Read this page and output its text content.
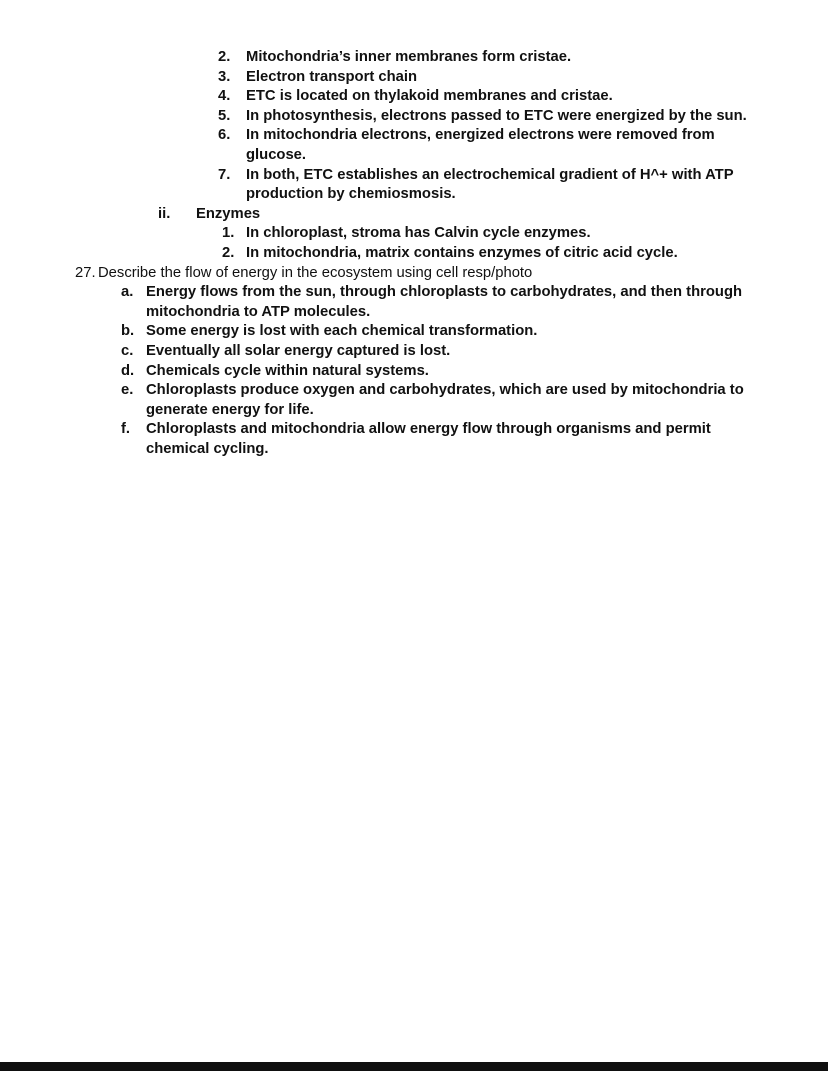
2.	Mitochondria’s inner membranes form cristae.
3.	Electron transport chain
4.	ETC is located on thylakoid membranes and cristae.
5.	In photosynthesis, electrons passed to ETC were energized by the sun.
6.	In mitochondria electrons, energized electrons were removed from glucose.
7.	In both, ETC establishes an electrochemical gradient of H^+ with ATP production by chemiosmosis.
ii.	Enzymes
1. In chloroplast, stroma has Calvin cycle enzymes.
2. In mitochondria, matrix contains enzymes of citric acid cycle.
27. Describe the flow of energy in the ecosystem using cell resp/photo
a. Energy flows from the sun, through chloroplasts to carbohydrates, and then through mitochondria to ATP molecules.
b. Some energy is lost with each chemical transformation.
c. Eventually all solar energy captured is lost.
d. Chemicals cycle within natural systems.
e. Chloroplasts produce oxygen and carbohydrates, which are used by mitochondria to generate energy for life.
f.	Chloroplasts and mitochondria allow energy flow through organisms and permit chemical cycling.
